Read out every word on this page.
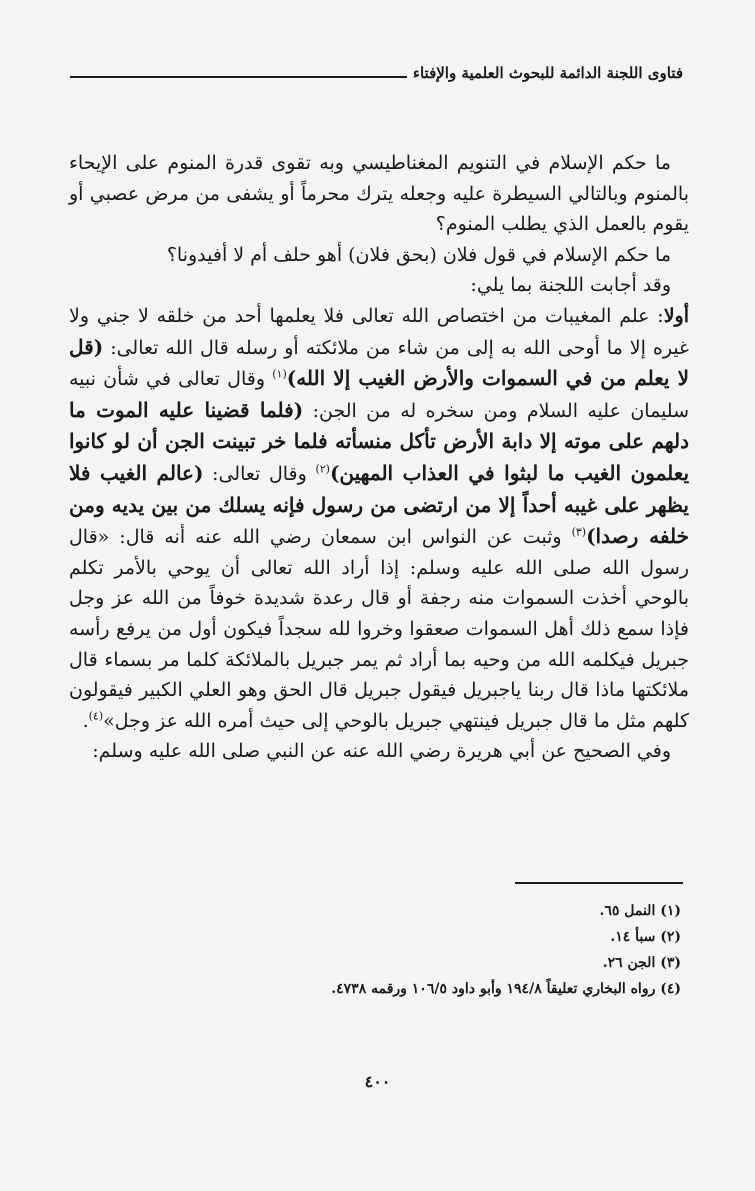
فتاوى اللجنة الدائمة للبحوث العلمية والإفتاء

ما حكم الإسلام في التنويم المغناطيسي وبه تقوى قدرة المنوم على الإيحاء بالمنوم وبالتالي السيطرة عليه وجعله يترك محرماً أو يشفى من مرض عصبي أو يقوم بالعمل الذي يطلب المنوم؟

ما حكم الإسلام في قول فلان (بحق فلان) أهو حلف أم لا أفيدونا؟

وقد أجابت اللجنة بما يلي:

أولا: علم المغيبات من اختصاص الله تعالى فلا يعلمها أحد من خلقه لا جني ولا غيره إلا ما أوحى الله به إلى من شاء من ملائكته أو رسله قال الله تعالى: (قل لا يعلم من في السموات والأرض الغيب إلا الله)$^{(١)}$ وقال تعالى في شأن نبيه سليمان عليه السلام ومن سخره له من الجن: (فلما قضينا عليه الموت ما دلهم على موته إلا دابة الأرض تأكل منسأته فلما خر تبينت الجن أن لو كانوا يعلمون الغيب ما لبثوا في العذاب المهين)$^{(٢)}$ وقال تعالى: (عالم الغيب فلا يظهر على غيبه أحداً إلا من ارتضى من رسول فإنه يسلك من بين يديه ومن خلفه رصدا)$^{(٣)}$ وثبت عن النواس ابن سمعان رضي الله عنه أنه قال: «قال رسول الله صلى الله عليه وسلم: إذا أراد الله تعالى أن يوحي بالأمر تكلم بالوحي أخذت السموات منه رجفة أو قال رعدة شديدة خوفاً من الله عز وجل فإذا سمع ذلك أهل السموات صعقوا وخروا لله سجداً فيكون أول من يرفع رأسه جبريل فيكلمه الله من وحيه بما أراد ثم يمر جبريل بالملائكة كلما مر بسماء قال ملائكتها ماذا قال ربنا ياجبريل فيقول جبريل قال الحق وهو العلي الكبير فيقولون كلهم مثل ما قال جبريل فينتهي جبريل بالوحي إلى حيث أمره الله عز وجل»$^{(٤)}$.

وفي الصحيح عن أبي هريرة رضي الله عنه عن النبي صلى الله عليه وسلم:

(١) النمل ٦٥.
(٢) سبأ ١٤.
(٣) الجن ٢٦.
(٤) رواه البخاري تعليقاً ١٩٤/٨ وأبو داود ١٠٦/٥ ورقمه ٤٧٣٨.
٤٠٠
